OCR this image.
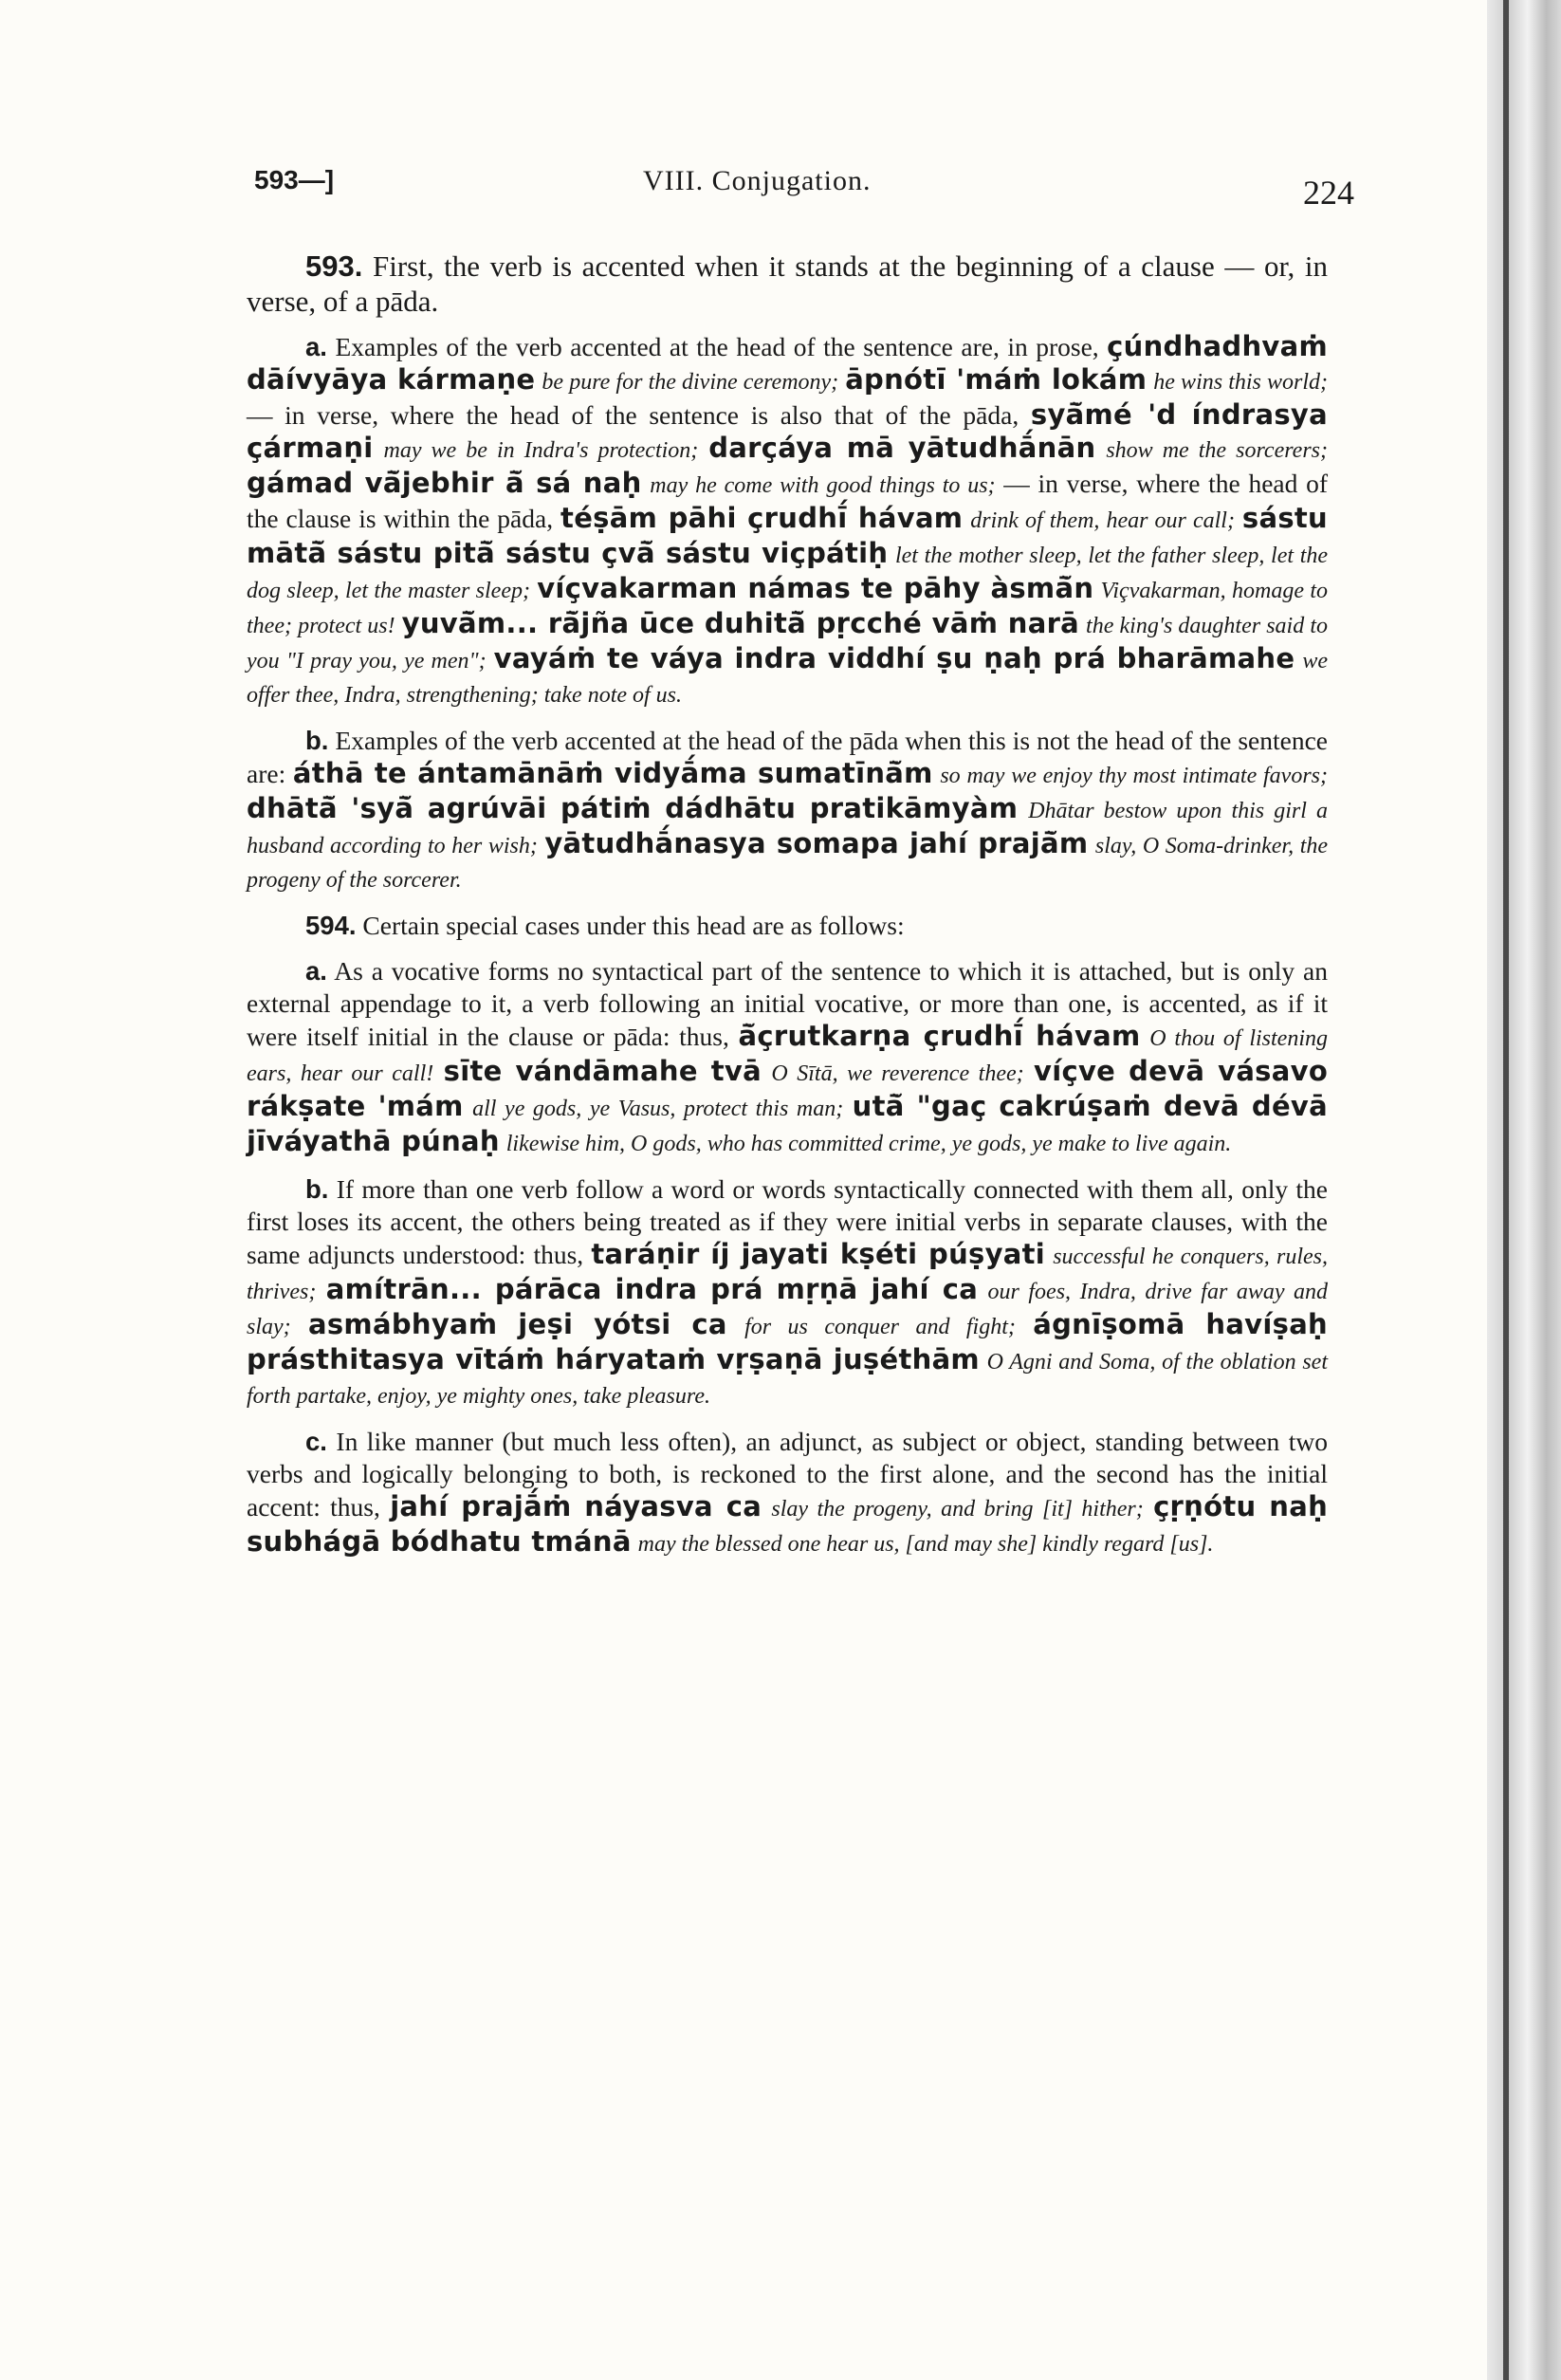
593—]	VIII. Conjugation.	224

593. First, the verb is accented when it stands at the beginning of a clause — or, in verse, of a pāda.

a. Examples of the verb accented at the head of the sentence are, in prose, çúndhadhvaṁ dāívyāya kármaṇe be pure for the divine ceremony; āpnótī 'máṁ lokám he wins this world; — in verse, where the head of the sentence is also that of the pāda, syā̆mé 'd índrasya çármaṇi may we be in Indra's protection; darçáya mā yātudhā́nān show me the sorcerers; gámad vā̆jebhir ā̆ sá naḥ may he come with good things to us; — in verse, where the head of the clause is within the pāda, téṣām pāhi çrudhī́ hávam drink of them, hear our call; sástu mātā̆ sástu pitā̆ sástu çvā̆ sástu viçpátiḥ let the mother sleep, let the father sleep, let the dog sleep, let the master sleep; víçvakarman námas te pāhy àsmā̆n Viçvakarman, homage to thee; protect us! yuvā̆m... rā̆jña ūce duhitā̆ pṛcché vāṁ narā the king's daughter said to you "I pray you, ye men"; vayáṁ te váya indra viddhí ṣu ṇaḥ prá bharāmahe we offer thee, Indra, strengthening; take note of us.

b. Examples of the verb accented at the head of the pāda when this is not the head of the sentence are: áthā te ántamānāṁ vidyā́ma sumatīnā̆m so may we enjoy thy most intimate favors; dhātā̆ 'syā̆ agrúvāi pátiṁ dádhātu pratikāmyàm Dhātar bestow upon this girl a husband according to her wish; yātudhā́nasya somapa jahí prajā̆m slay, O Soma-drinker, the progeny of the sorcerer.

594. Certain special cases under this head are as follows:

a. As a vocative forms no syntactical part of the sentence to which it is attached, but is only an external appendage to it, a verb following an initial vocative, or more than one, is accented, as if it were itself initial in the clause or pāda: thus, ā̆çrutkarṇa çrudhī́ hávam O thou of listening ears, hear our call! sīte vándāmahe tvā O Sītā, we reverence thee; víçve devā vásavo rákṣate 'mám all ye gods, ye Vasus, protect this man; utā̆ "gaç cakrúṣaṁ devā dévā jīváyathā púnaḥ likewise him, O gods, who has committed crime, ye gods, ye make to live again.

b. If more than one verb follow a word or words syntactically connected with them all, only the first loses its accent, the others being treated as if they were initial verbs in separate clauses, with the same adjuncts understood: thus, taráṇir íj jayati kṣéti púṣyati successful he conquers, rules, thrives; amítrān... párāca indra prá mṛṇā jahí ca our foes, Indra, drive far away and slay; asmábhyaṁ jeṣi yótsi ca for us conquer and fight; ágnīṣomā havíṣaḥ prásthitasya vītáṁ háryataṁ vṛṣaṇā juṣéthām O Agni and Soma, of the oblation set forth partake, enjoy, ye mighty ones, take pleasure.

c. In like manner (but much less often), an adjunct, as subject or object, standing between two verbs and logically belonging to both, is reckoned to the first alone, and the second has the initial accent: thus, jahí prajā́ṁ náyasva ca slay the progeny, and bring [it] hither; çṛṇótu naḥ subhágā bódhatu tmánā may the blessed one hear us, [and may she] kindly regard [us].
